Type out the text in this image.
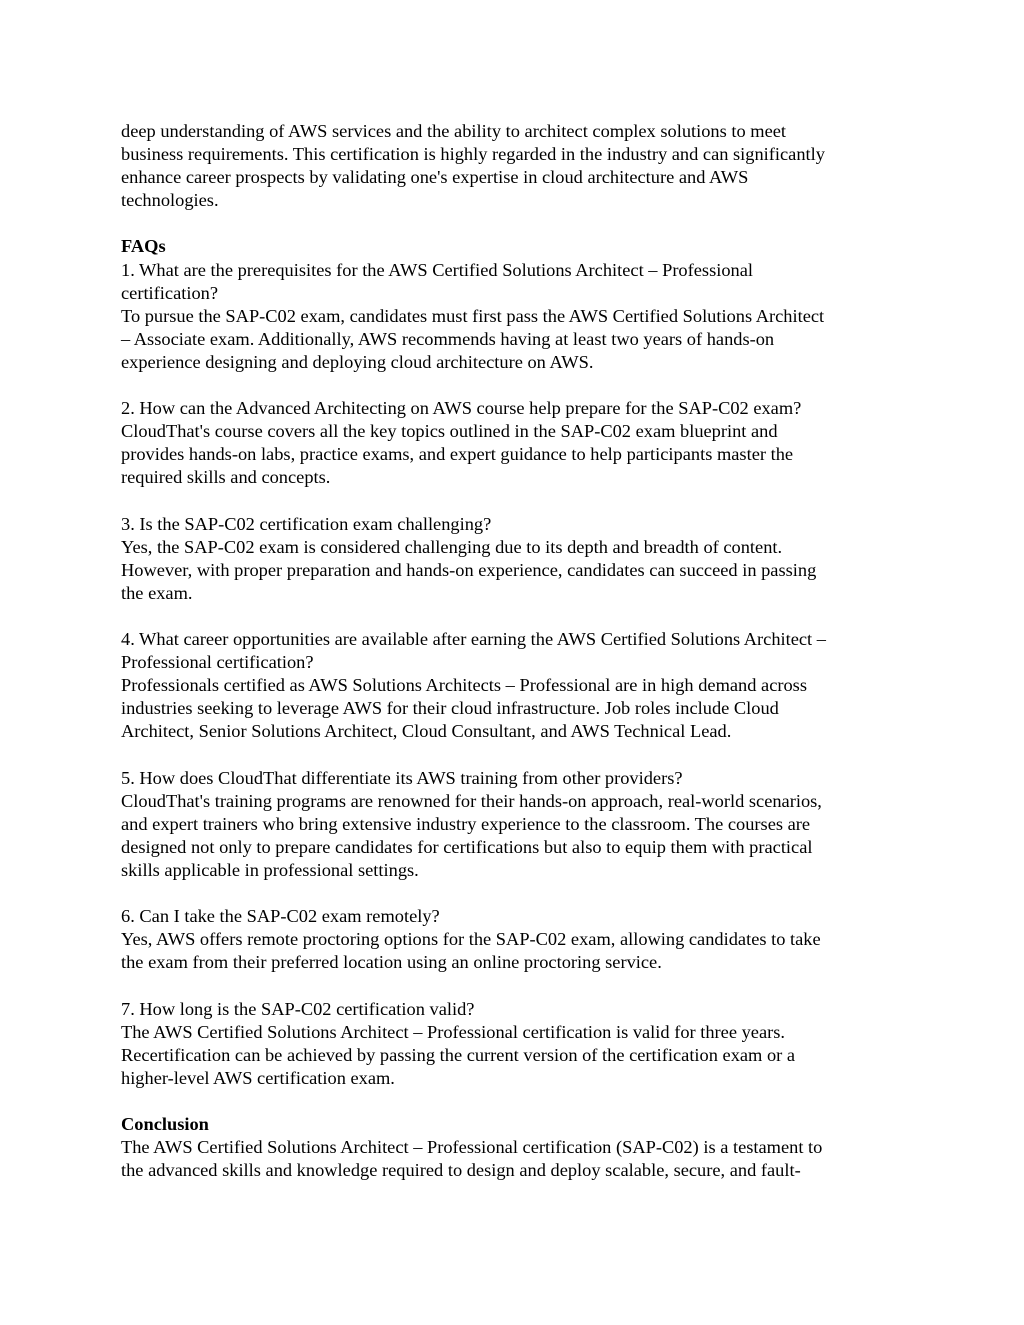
deep understanding of AWS services and the ability to architect complex solutions to meet
business requirements. This certification is highly regarded in the industry and can significantly
enhance career prospects by validating one's expertise in cloud architecture and AWS
technologies.
FAQs
1. What are the prerequisites for the AWS Certified Solutions Architect – Professional
certification?
To pursue the SAP-C02 exam, candidates must first pass the AWS Certified Solutions Architect
– Associate exam. Additionally, AWS recommends having at least two years of hands-on
experience designing and deploying cloud architecture on AWS.
2. How can the Advanced Architecting on AWS course help prepare for the SAP-C02 exam?
CloudThat's course covers all the key topics outlined in the SAP-C02 exam blueprint and
provides hands-on labs, practice exams, and expert guidance to help participants master the
required skills and concepts.
3. Is the SAP-C02 certification exam challenging?
Yes, the SAP-C02 exam is considered challenging due to its depth and breadth of content.
However, with proper preparation and hands-on experience, candidates can succeed in passing
the exam.
4. What career opportunities are available after earning the AWS Certified Solutions Architect –
Professional certification?
Professionals certified as AWS Solutions Architects – Professional are in high demand across
industries seeking to leverage AWS for their cloud infrastructure. Job roles include Cloud
Architect, Senior Solutions Architect, Cloud Consultant, and AWS Technical Lead.
5. How does CloudThat differentiate its AWS training from other providers?
CloudThat's training programs are renowned for their hands-on approach, real-world scenarios,
and expert trainers who bring extensive industry experience to the classroom. The courses are
designed not only to prepare candidates for certifications but also to equip them with practical
skills applicable in professional settings.
6. Can I take the SAP-C02 exam remotely?
Yes, AWS offers remote proctoring options for the SAP-C02 exam, allowing candidates to take
the exam from their preferred location using an online proctoring service.
7. How long is the SAP-C02 certification valid?
The AWS Certified Solutions Architect – Professional certification is valid for three years.
Recertification can be achieved by passing the current version of the certification exam or a
higher-level AWS certification exam.
Conclusion
The AWS Certified Solutions Architect – Professional certification (SAP-C02) is a testament to
the advanced skills and knowledge required to design and deploy scalable, secure, and fault-
